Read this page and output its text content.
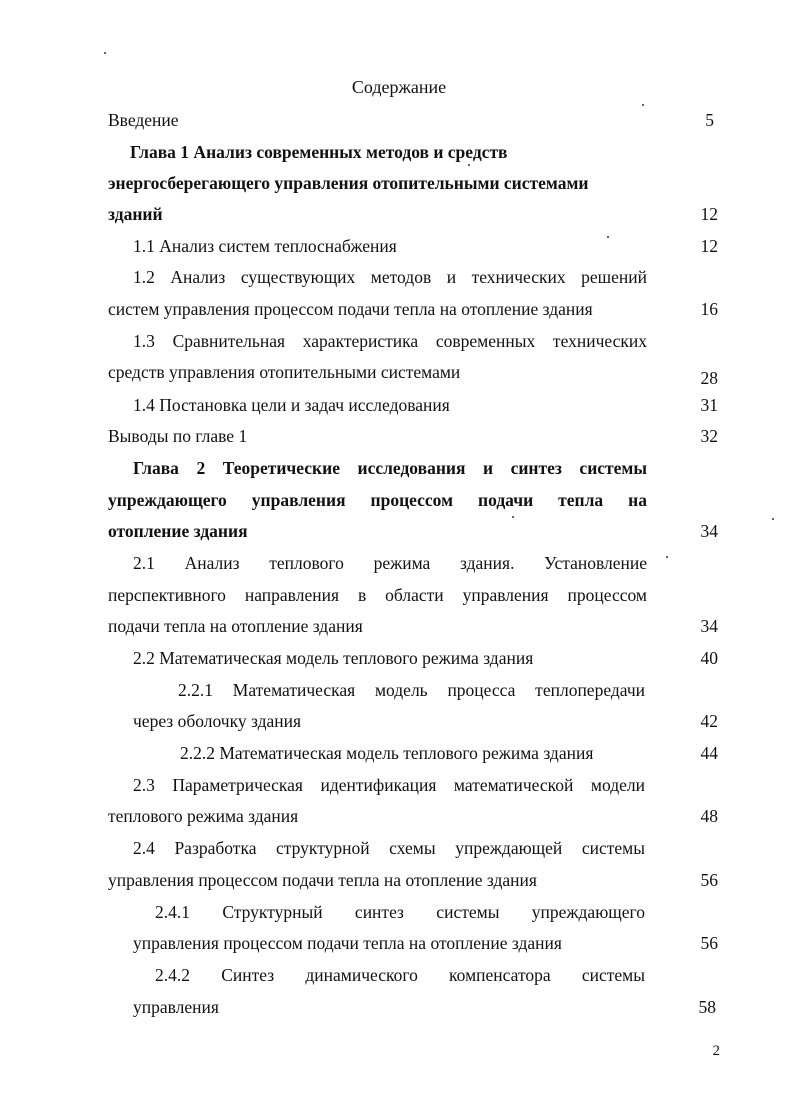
Содержание
Введение	5
Глава 1 Анализ современных методов и средств
энергосберегающего управления отопительными системами
зданий	12
1.1 Анализ систем теплоснабжения	12
1.2 Анализ существующих методов и технических решений
систем управления процессом подачи тепла на отопление здания	16
1.3 Сравнительная характеристика современных технических
средств управления отопительными системами	28
1.4 Постановка цели и задач исследования	31
Выводы по главе 1	32
Глава 2 Теоретические исследования и синтез системы
упреждающего управления процессом подачи тепла на
отопление здания	34
2.1 Анализ теплового режима здания. Установление
перспективного направления в области управления процессом
подачи тепла на отопление здания	34
2.2 Математическая модель теплового режима здания	40
2.2.1 Математическая модель процесса теплопередачи
через оболочку здания	42
2.2.2 Математическая модель теплового режима здания	44
2.3 Параметрическая идентификация математической модели
теплового режима здания	48
2.4 Разработка структурной схемы упреждающей системы
управления процессом подачи тепла на отопление здания	56
2.4.1 Структурный синтез системы упреждающего
управления процессом подачи тепла на отопление здания	56
2.4.2 Синтез динамического компенсатора системы
управления	58
2
